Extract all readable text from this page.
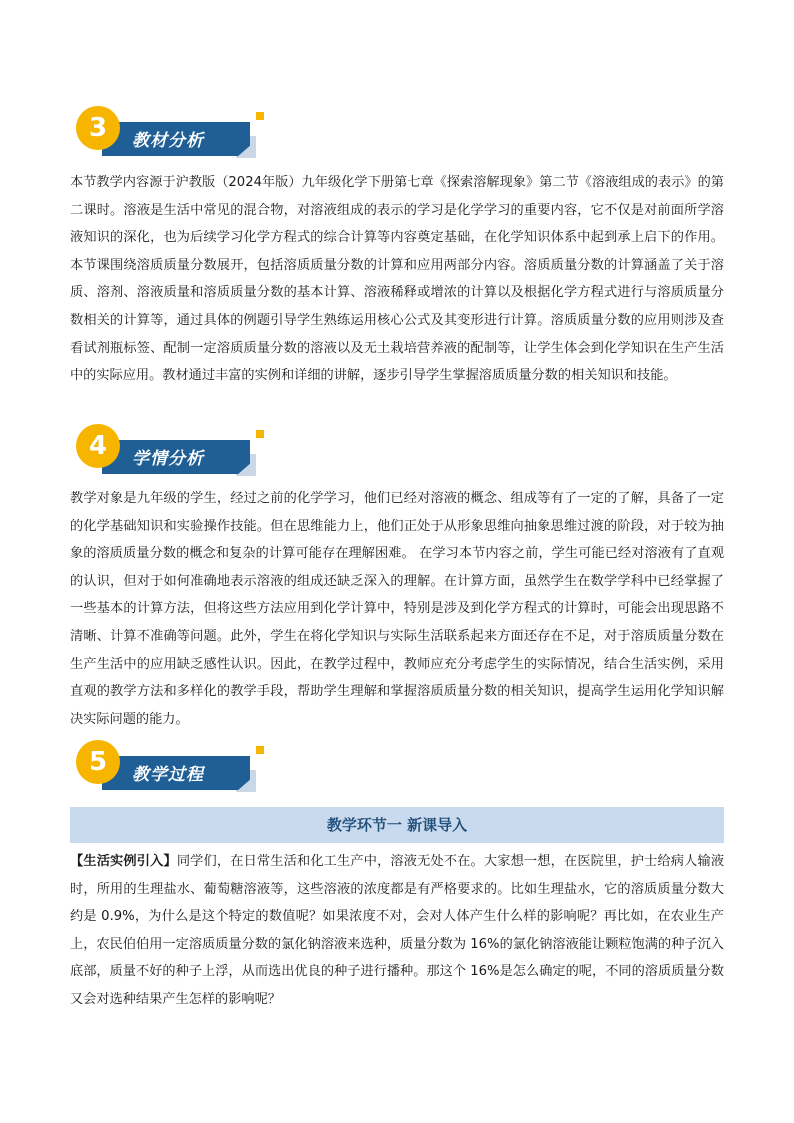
3	教材分析

本节教学内容源于沪教版（2024年版）九年级化学下册第七章《探索溶解现象》第二节《溶液组成的表示》的第二课时。溶液是生活中常见的混合物，对溶液组成的表示的学习是化学学习的重要内容，它不仅是对前面所学溶液知识的深化，也为后续学习化学方程式的综合计算等内容奠定基础，在化学知识体系中起到承上启下的作用。 本节课围绕溶质质量分数展开，包括溶质质量分数的计算和应用两部分内容。溶质质量分数的计算涵盖了关于溶质、溶剂、溶液质量和溶质质量分数的基本计算、溶液稀释或增浓的计算以及根据化学方程式进行与溶质质量分数相关的计算等，通过具体的例题引导学生熟练运用核心公式及其变形进行计算。溶质质量分数的应用则涉及查看试剂瓶标签、配制一定溶质质量分数的溶液以及无土栽培营养液的配制等，让学生体会到化学知识在生产生活中的实际应用。教材通过丰富的实例和详细的讲解，逐步引导学生掌握溶质质量分数的相关知识和技能。

4	学情分析

教学对象是九年级的学生，经过之前的化学学习，他们已经对溶液的概念、组成等有了一定的了解，具备了一定的化学基础知识和实验操作技能。但在思维能力上，他们正处于从形象思维向抽象思维过渡的阶段，对于较为抽象的溶质质量分数的概念和复杂的计算可能存在理解困难。 在学习本节内容之前，学生可能已经对溶液有了直观的认识，但对于如何准确地表示溶液的组成还缺乏深入的理解。在计算方面，虽然学生在数学学科中已经掌握了一些基本的计算方法，但将这些方法应用到化学计算中，特别是涉及到化学方程式的计算时，可能会出现思路不清晰、计算不准确等问题。此外，学生在将化学知识与实际生活联系起来方面还存在不足，对于溶质质量分数在生产生活中的应用缺乏感性认识。因此，在教学过程中，教师应充分考虑学生的实际情况，结合生活实例，采用直观的教学方法和多样化的教学手段，帮助学生理解和掌握溶质质量分数的相关知识，提高学生运用化学知识解决实际问题的能力。

5	教学过程
教学环节一 新课导入

【生活实例引入】同学们，在日常生活和化工生产中，溶液无处不在。大家想一想，在医院里，护士给病人输液时，所用的生理盐水、葡萄糖溶液等，这些溶液的浓度都是有严格要求的。比如生理盐水，它的溶质质量分数大约是 0.9%，为什么是这个特定的数值呢？如果浓度不对，会对人体产生什么样的影响呢？再比如，在农业生产上，农民伯伯用一定溶质质量分数的氯化钠溶液来选种，质量分数为 16%的氯化钠溶液能让颗粒饱满的种子沉入底部，质量不好的种子上浮，从而选出优良的种子进行播种。那这个 16%是怎么确定的呢，不同的溶质质量分数又会对选种结果产生怎样的影响呢？
